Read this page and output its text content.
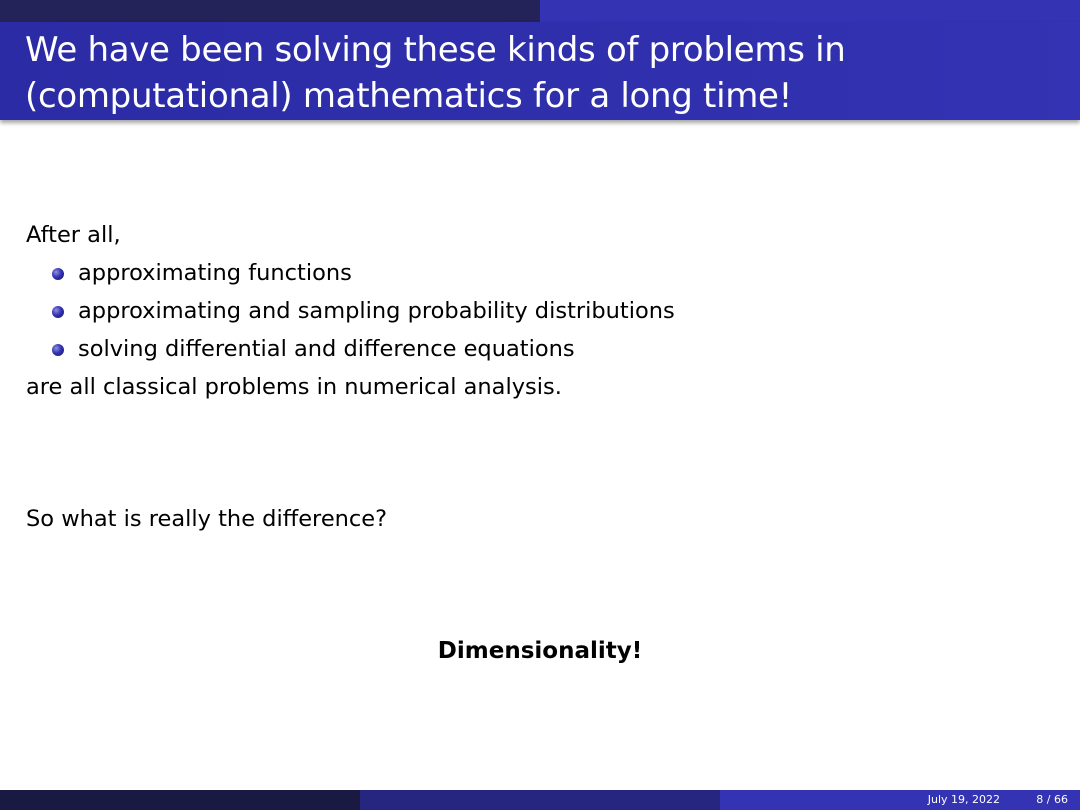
We have been solving these kinds of problems in (computational) mathematics for a long time!
After all,
approximating functions
approximating and sampling probability distributions
solving differential and difference equations
are all classical problems in numerical analysis.
So what is really the difference?
Dimensionality!
July 19, 2022	8 / 66
